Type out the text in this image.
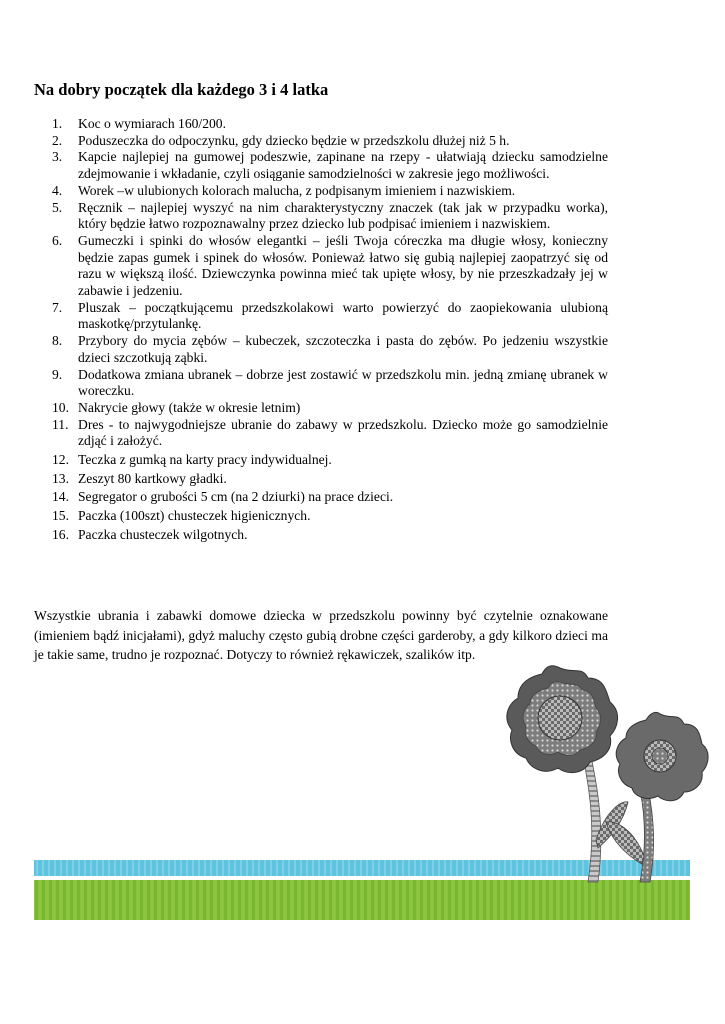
Na dobry początek dla każdego 3 i 4 latka
1. Koc o wymiarach 160/200.
2. Poduszeczka do odpoczynku, gdy dziecko będzie w przedszkolu dłużej niż 5 h.
3. Kapcie najlepiej na gumowej podeszwie, zapinane na rzepy - ułatwiają dziecku samodzielne zdejmowanie i wkładanie, czyli osiąganie samodzielności w zakresie jego możliwości.
4. Worek –w ulubionych kolorach malucha, z podpisanym imieniem i nazwiskiem.
5. Ręcznik – najlepiej wyszyć na nim charakterystyczny znaczek (tak jak w przypadku worka), który będzie łatwo rozpoznawalny przez dziecko lub podpisać imieniem i nazwiskiem.
6. Gumeczki i spinki do włosów elegantki – jeśli Twoja córeczka ma długie włosy, konieczny będzie zapas gumek i spinek do włosów. Ponieważ łatwo się gubią najlepiej zaopatrzyć się od razu w większą ilość. Dziewczynka powinna mieć tak upięte włosy, by nie przeszkadzały jej w zabawie i jedzeniu.
7. Pluszak – początkującemu przedszkolakowi warto powierzyć do zaopiekowania ulubioną maskotkę/przytulankę.
8. Przybory do mycia zębów – kubeczek, szczoteczka i pasta do zębów. Po jedzeniu wszystkie dzieci szczotkują ząbki.
9. Dodatkowa zmiana ubranek – dobrze jest zostawić w przedszkolu min. jedną zmianę ubranek w woreczku.
10. Nakrycie głowy (także w okresie letnim)
11. Dres - to najwygodniejsze ubranie do zabawy w przedszkolu. Dziecko może go samodzielnie zdjąć i założyć.
12. Teczka z gumką na karty pracy indywidualnej.
13. Zeszyt 80 kartkowy gładki.
14. Segregator o grubości 5 cm (na 2 dziurki) na prace dzieci.
15. Paczka (100szt) chusteczek higienicznych.
16. Paczka chusteczek wilgotnych.

Wszystkie ubrania i zabawki domowe dziecka w przedszkolu powinny być czytelnie oznakowane (imieniem bądź inicjałami), gdyż maluchy często gubią drobne części garderoby, a gdy kilkoro dzieci ma je takie same, trudno je rozpoznać. Dotyczy to również rękawiczek, szalików itp.
